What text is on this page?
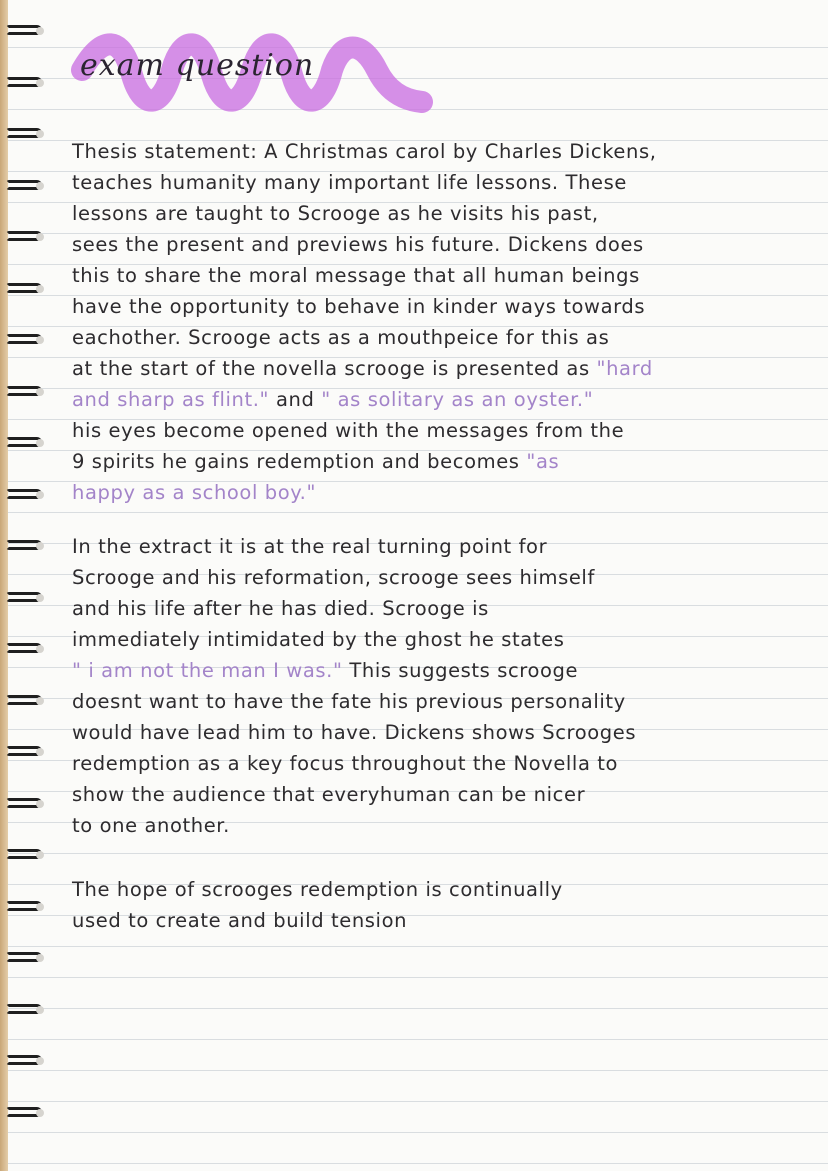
exam question
Thesis statement: A Christmas carol by Charles Dickens,
teaches humanity many important life lessons. These
lessons are taught to Scrooge as he visits his past,
sees the present and previews his future. Dickens does
this to share the moral message that all human beings
have the opportunity to behave in kinder ways towards
eachother. Scrooge acts as a mouthpeice for this as
at the start of the novella scrooge is presented as "hard
and sharp as flint." and " as solitary as an oyster."
his eyes become opened with the messages from the
9 spirits he gains redemption and becomes "as
happy as a school boy."
In the extract it is at the real turning point for
Scrooge and his reformation, scrooge sees himself
and his life after he has died. Scrooge is
immediately intimidated by the ghost he states
" i am not the man I was." This suggests scrooge
doesnt want to have the fate his previous personality
would have lead him to have. Dickens shows Scrooges
redemption as a key focus throughout the Novella to
show the audience that everyhuman can be nicer
to one another.
The hope of scrooges redemption is continually
used to create and build tension
